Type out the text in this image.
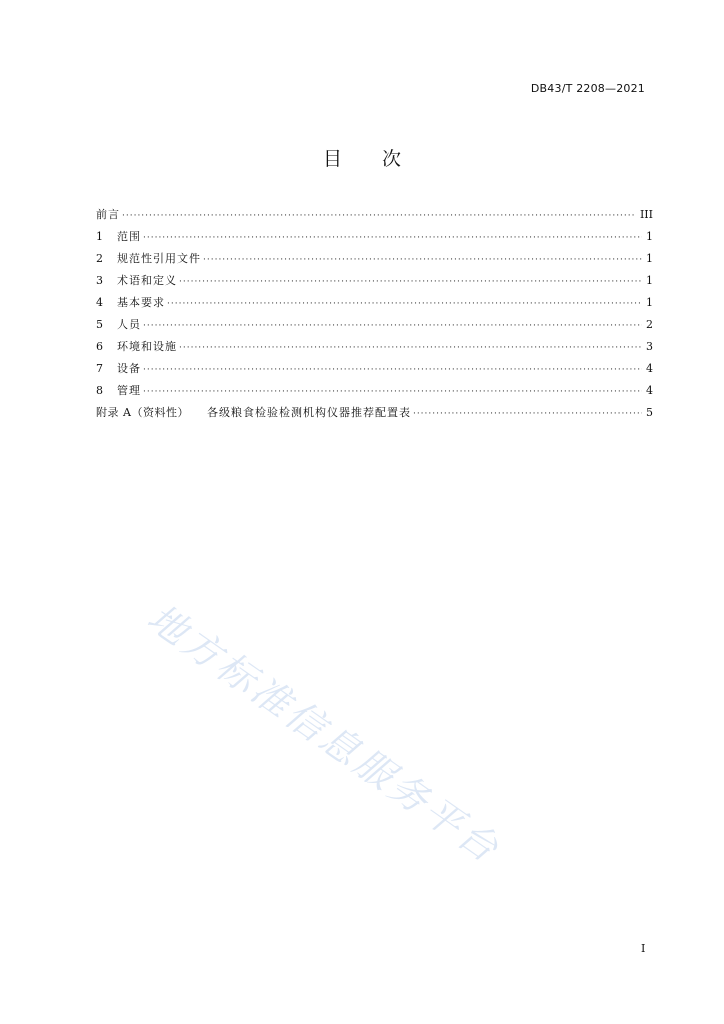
DB43/T 2208—2021
目次
前言 ·····	III
1	范围 ·····	1
2	规范性引用文件 ·····	1
3	术语和定义 ·····	1
4	基本要求 ·····	1
5	人员 ·····	2
6	环境和设施 ·····	3
7	设备 ·····	4
8	管理 ·····	4
附录 A（资料性） 各级粮食检验检测机构仪器推荐配置表 ·····	5
地方标准信息服务平台
I
